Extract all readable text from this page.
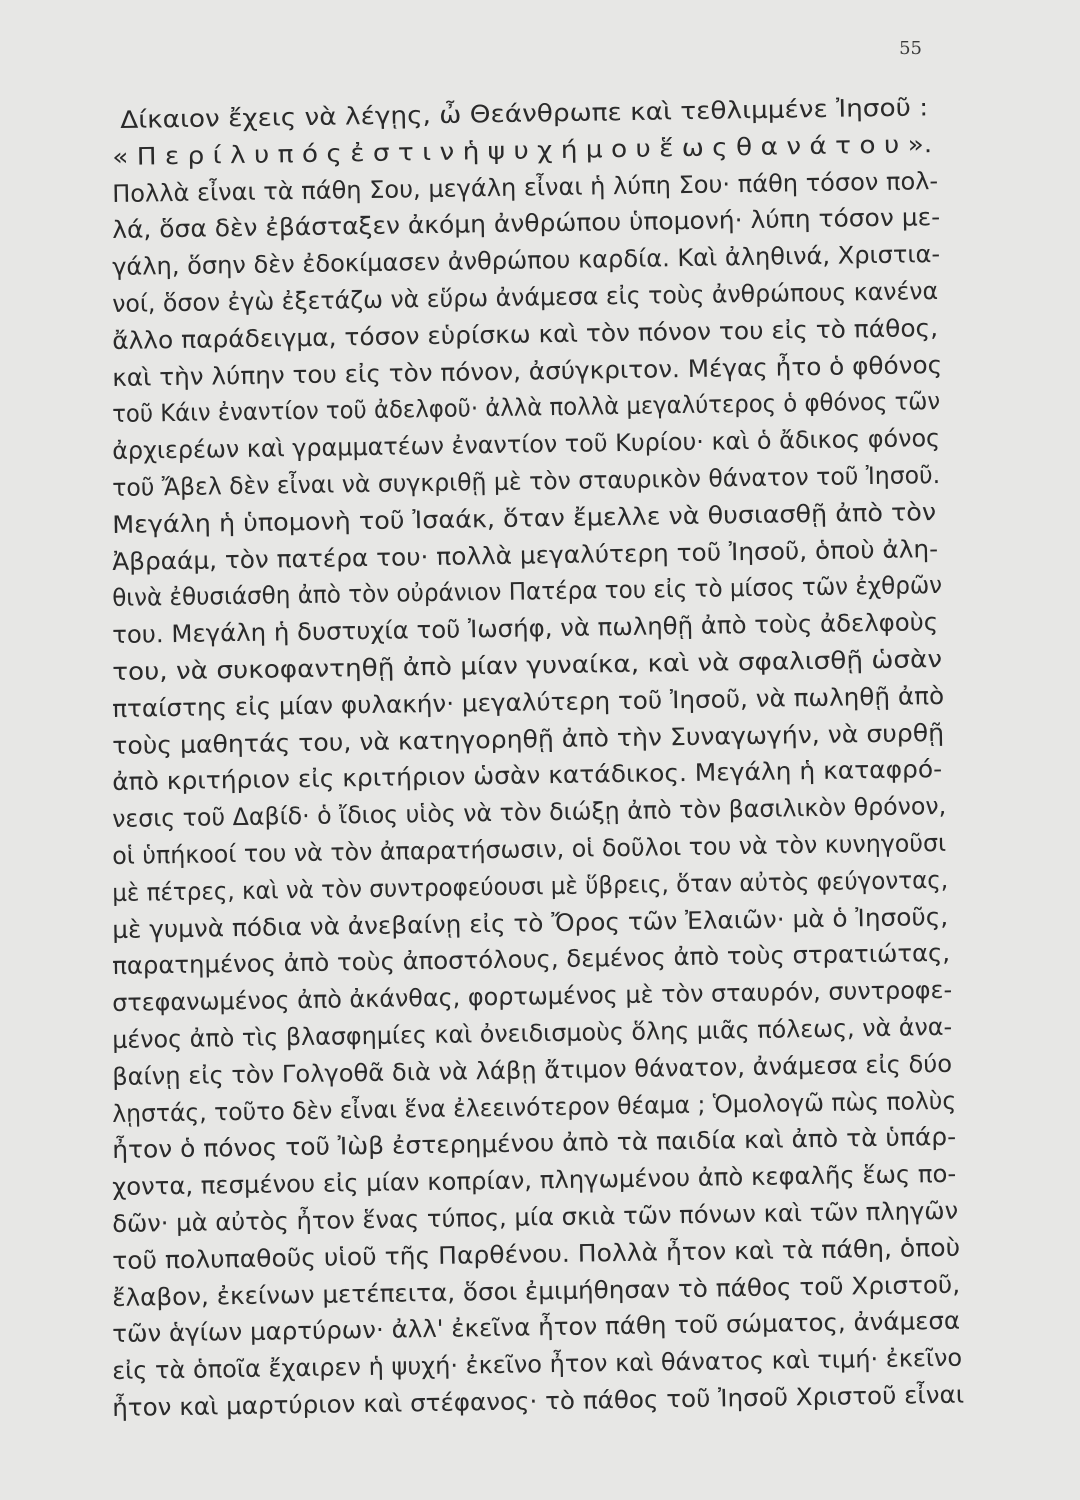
55
Δίκαιον ἔχεις νὰ λέγῃς, ὦ Θεάνθρωπε καὶ τεθλιμμένε Ἰησοῦ :
« Π ε ρ ί λ υ π ό ς ἐ σ τ ι ν ἡ ψ υ χ ή μ ο υ ἕ ω ς θ α ν ά τ ο υ ».
Πολλὰ εἶναι τὰ πάθη Σου, μεγάλη εἶναι ἡ λύπη Σου· πάθη τόσον πολ-
λά, ὅσα δὲν ἐβάσταξεν ἀκόμη ἀνθρώπου ὑπομονή· λύπη τόσον με-
γάλη, ὅσην δὲν ἐδοκίμασεν ἀνθρώπου καρδία. Καὶ ἀληθινά, Χριστια-
νοί, ὅσον ἐγὼ ἐξετάζω νὰ εὕρω ἀνάμεσα εἰς τοὺς ἀνθρώπους κανένα
ἄλλο παράδειγμα, τόσον εὑρίσκω καὶ τὸν πόνον του εἰς τὸ πάθος,
καὶ τὴν λύπην του εἰς τὸν πόνον, ἀσύγκριτον. Μέγας ἦτο ὁ φθόνος
τοῦ Κάιν ἐναντίον τοῦ ἀδελφοῦ· ἀλλὰ πολλὰ μεγαλύτερος ὁ φθόνος τῶν
ἀρχιερέων καὶ γραμματέων ἐναντίον τοῦ Κυρίου· καὶ ὁ ἄδικος φόνος
τοῦ Ἄβελ δὲν εἶναι νὰ συγκριθῇ μὲ τὸν σταυρικὸν θάνατον τοῦ Ἰησοῦ.
Μεγάλη ἡ ὑπομονὴ τοῦ Ἰσαάκ, ὅταν ἔμελλε νὰ θυσιασθῇ ἀπὸ τὸν
Ἀβραάμ, τὸν πατέρα του· πολλὰ μεγαλύτερη τοῦ Ἰησοῦ, ὁποὺ ἀλη-
θινὰ ἐθυσιάσθη ἀπὸ τὸν οὐράνιον Πατέρα του εἰς τὸ μίσος τῶν ἐχθρῶν
του. Μεγάλη ἡ δυστυχία τοῦ Ἰωσήφ, νὰ πωληθῇ ἀπὸ τοὺς ἀδελφοὺς
του, νὰ συκοφαντηθῇ ἀπὸ μίαν γυναίκα, καὶ νὰ σφαλισθῇ ὡσὰν
πταίστης εἰς μίαν φυλακήν· μεγαλύτερη τοῦ Ἰησοῦ, νὰ πωληθῇ ἀπὸ
τοὺς μαθητάς του, νὰ κατηγορηθῇ ἀπὸ τὴν Συναγωγήν, νὰ συρθῇ
ἀπὸ κριτήριον εἰς κριτήριον ὡσὰν κατάδικος. Μεγάλη ἡ καταφρό-
νεσις τοῦ Δαβίδ· ὁ ἴδιος υἱὸς νὰ τὸν διώξῃ ἀπὸ τὸν βασιλικὸν θρόνον,
οἱ ὑπήκοοί του νὰ τὸν ἀπαρατήσωσιν, οἱ δοῦλοι του νὰ τὸν κυνηγοῦσι
μὲ πέτρες, καὶ νὰ τὸν συντροφεύουσι μὲ ὕβρεις, ὅταν αὐτὸς φεύγοντας,
μὲ γυμνὰ πόδια νὰ ἀνεβαίνῃ εἰς τὸ Ὄρος τῶν Ἐλαιῶν· μὰ ὁ Ἰησοῦς,
παρατημένος ἀπὸ τοὺς ἀποστόλους, δεμένος ἀπὸ τοὺς στρατιώτας,
στεφανωμένος ἀπὸ ἀκάνθας, φορτωμένος μὲ τὸν σταυρόν, συντροφε-
μένος ἀπὸ τὶς βλασφημίες καὶ ὀνειδισμοὺς ὅλης μιᾶς πόλεως, νὰ ἀνα-
βαίνῃ εἰς τὸν Γολγοθᾶ διὰ νὰ λάβῃ ἄτιμον θάνατον, ἀνάμεσα εἰς δύο
λῃστάς, τοῦτο δὲν εἶναι ἕνα ἐλεεινότερον θέαμα ; Ὁμολογῶ πὼς πολὺς
ἦτον ὁ πόνος τοῦ Ἰὼβ ἐστερημένου ἀπὸ τὰ παιδία καὶ ἀπὸ τὰ ὑπάρ-
χοντα, πεσμένου εἰς μίαν κοπρίαν, πληγωμένου ἀπὸ κεφαλῆς ἕως πο-
δῶν· μὰ αὐτὸς ἦτον ἕνας τύπος, μία σκιὰ τῶν πόνων καὶ τῶν πληγῶν
τοῦ πολυπαθοῦς υἱοῦ τῆς Παρθένου. Πολλὰ ἦτον καὶ τὰ πάθη, ὁποὺ
ἔλαβον, ἐκείνων μετέπειτα, ὅσοι ἐμιμήθησαν τὸ πάθος τοῦ Χριστοῦ,
τῶν ἁγίων μαρτύρων· ἀλλ' ἐκεῖνα ἦτον πάθη τοῦ σώματος, ἀνάμεσα
εἰς τὰ ὁποῖα ἔχαιρεν ἡ ψυχή· ἐκεῖνο ἦτον καὶ θάνατος καὶ τιμή· ἐκεῖνο
ἦτον καὶ μαρτύριον καὶ στέφανος· τὸ πάθος τοῦ Ἰησοῦ Χριστοῦ εἶναι
